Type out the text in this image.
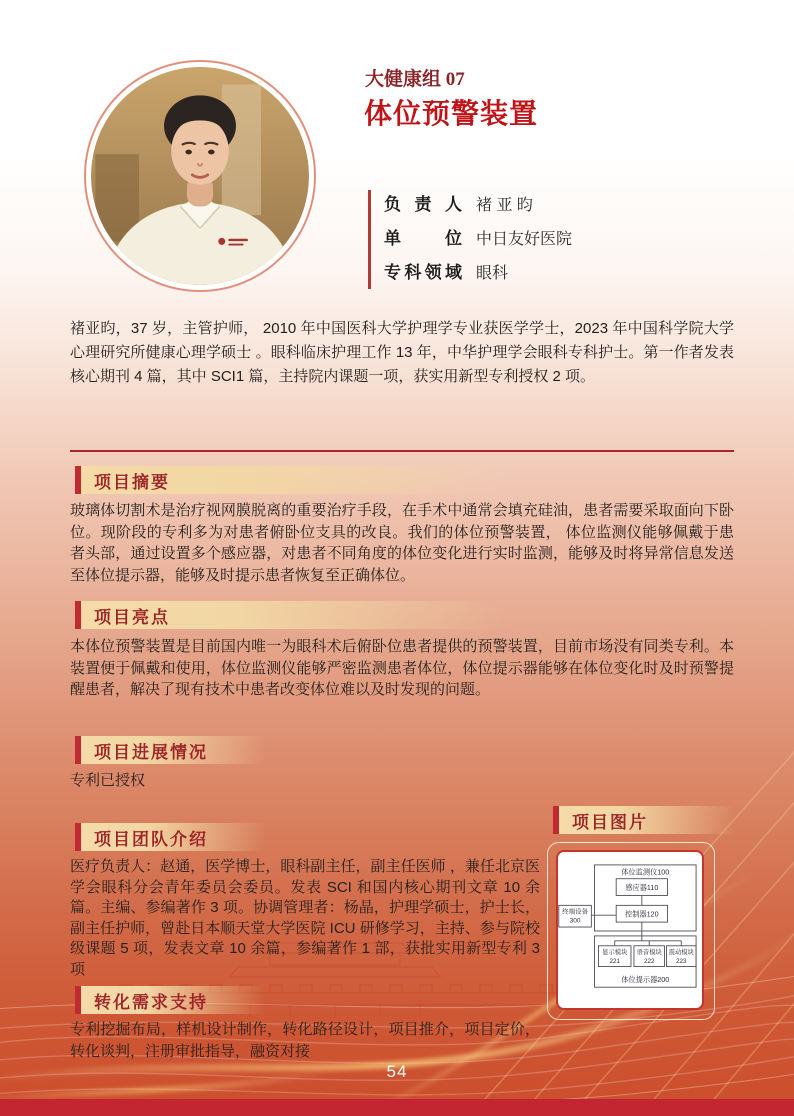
大健康组 07
体位预警装置
负责人 褚 亚 昀
单位 中日友好医院
专科领域 眼科
褚亚昀，37 岁，主管护师， 2010 年中国医科大学护理学专业获医学学士，2023 年中国科学院大学心理研究所健康心理学硕士 。眼科临床护理工作 13 年，中华护理学会眼科专科护士。第一作者发表核心期刊 4 篇，其中 SCI1 篇，主持院内课题一项，获实用新型专利授权 2 项。
项目摘要
玻璃体切割术是治疗视网膜脱离的重要治疗手段，在手术中通常会填充硅油，患者需要采取面向下卧位。现阶段的专利多为对患者俯卧位支具的改良。我们的体位预警装置， 体位监测仪能够佩戴于患者头部，通过设置多个感应器，对患者不同角度的体位变化进行实时监测，能够及时将异常信息发送至体位提示器，能够及时提示患者恢复至正确体位。
项目亮点
本体位预警装置是目前国内唯一为眼科术后俯卧位患者提供的预警装置，目前市场没有同类专利。本装置便于佩戴和使用，体位监测仪能够严密监测患者体位，体位提示器能够在体位变化时及时预警提醒患者，解决了现有技术中患者改变体位难以及时发现的问题。
项目进展情况
专利已授权
项目团队介绍
医疗负责人：赵通，医学博士，眼科副主任，副主任医师 ，兼任北京医学会眼科分会青年委员会委员。发表 SCI 和国内核心期刊文章 10 余篇。主编、参编著作 3 项。协调管理者：杨晶，护理学硕士，护士长，副主任护师，曾赴日本顺天堂大学医院 ICU 研修学习，主持、参与院校级课题 5 项，发表文章 10 余篇，参编著作 1 部，获批实用新型专利 3 项
转化需求支持
专利挖掘布局，样机设计制作，转化路径设计，项目推介，项目定价，转化谈判，注册审批指导，融资对接
项目图片
体位监测仪100
感应器110
控制器120
终端设备
300
显示模块
221
语音模块
222
震动模块
223
体位提示器200
54
